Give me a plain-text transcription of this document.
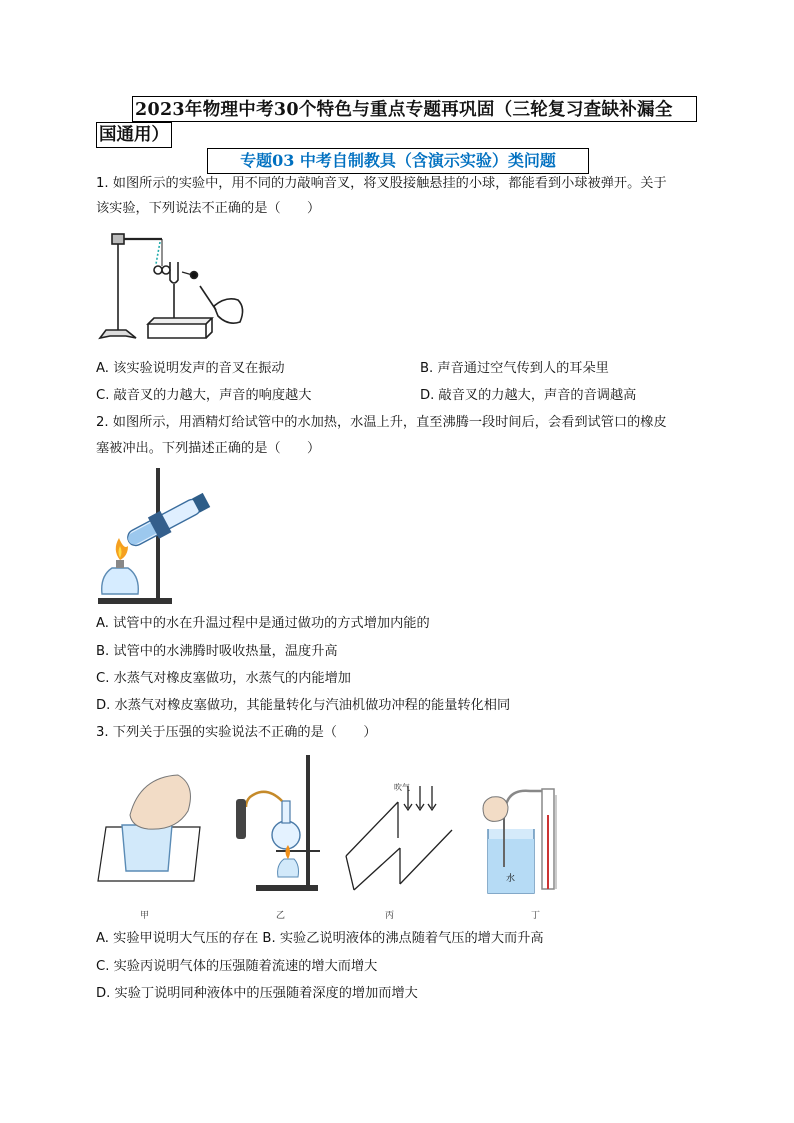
2023年物理中考30个特色与重点专题再巩固（三轮复习查缺补漏全
国通用）
专题03 中考自制教具（含演示实验）类问题
1. 如图所示的实验中，用不同的力敲响音叉，将叉股接触悬挂的小球，都能看到小球被弹开。关于
该实验，下列说法不正确的是（　　）
A. 该实验说明发声的音叉在振动	B. 声音通过空气传到人的耳朵里
C. 敲音叉的力越大，声音的响度越大	D. 敲音叉的力越大，声音的音调越高
2. 如图所示，用酒精灯给试管中的水加热，水温上升，直至沸腾一段时间后，会看到试管口的橡皮
塞被冲出。下列描述正确的是（　　）
A. 试管中的水在升温过程中是通过做功的方式增加内能的
B. 试管中的水沸腾时吸收热量，温度升高
C. 水蒸气对橡皮塞做功，水蒸气的内能增加
D. 水蒸气对橡皮塞做功，其能量转化与汽油机做功冲程的能量转化相同
3. 下列关于压强的实验说法不正确的是（　　）
甲	乙
吹气
丙
水
丁
A. 实验甲说明大气压的存在 B. 实验乙说明液体的沸点随着气压的增大而升高
C. 实验丙说明气体的压强随着流速的增大而增大
D. 实验丁说明同种液体中的压强随着深度的增加而增大
